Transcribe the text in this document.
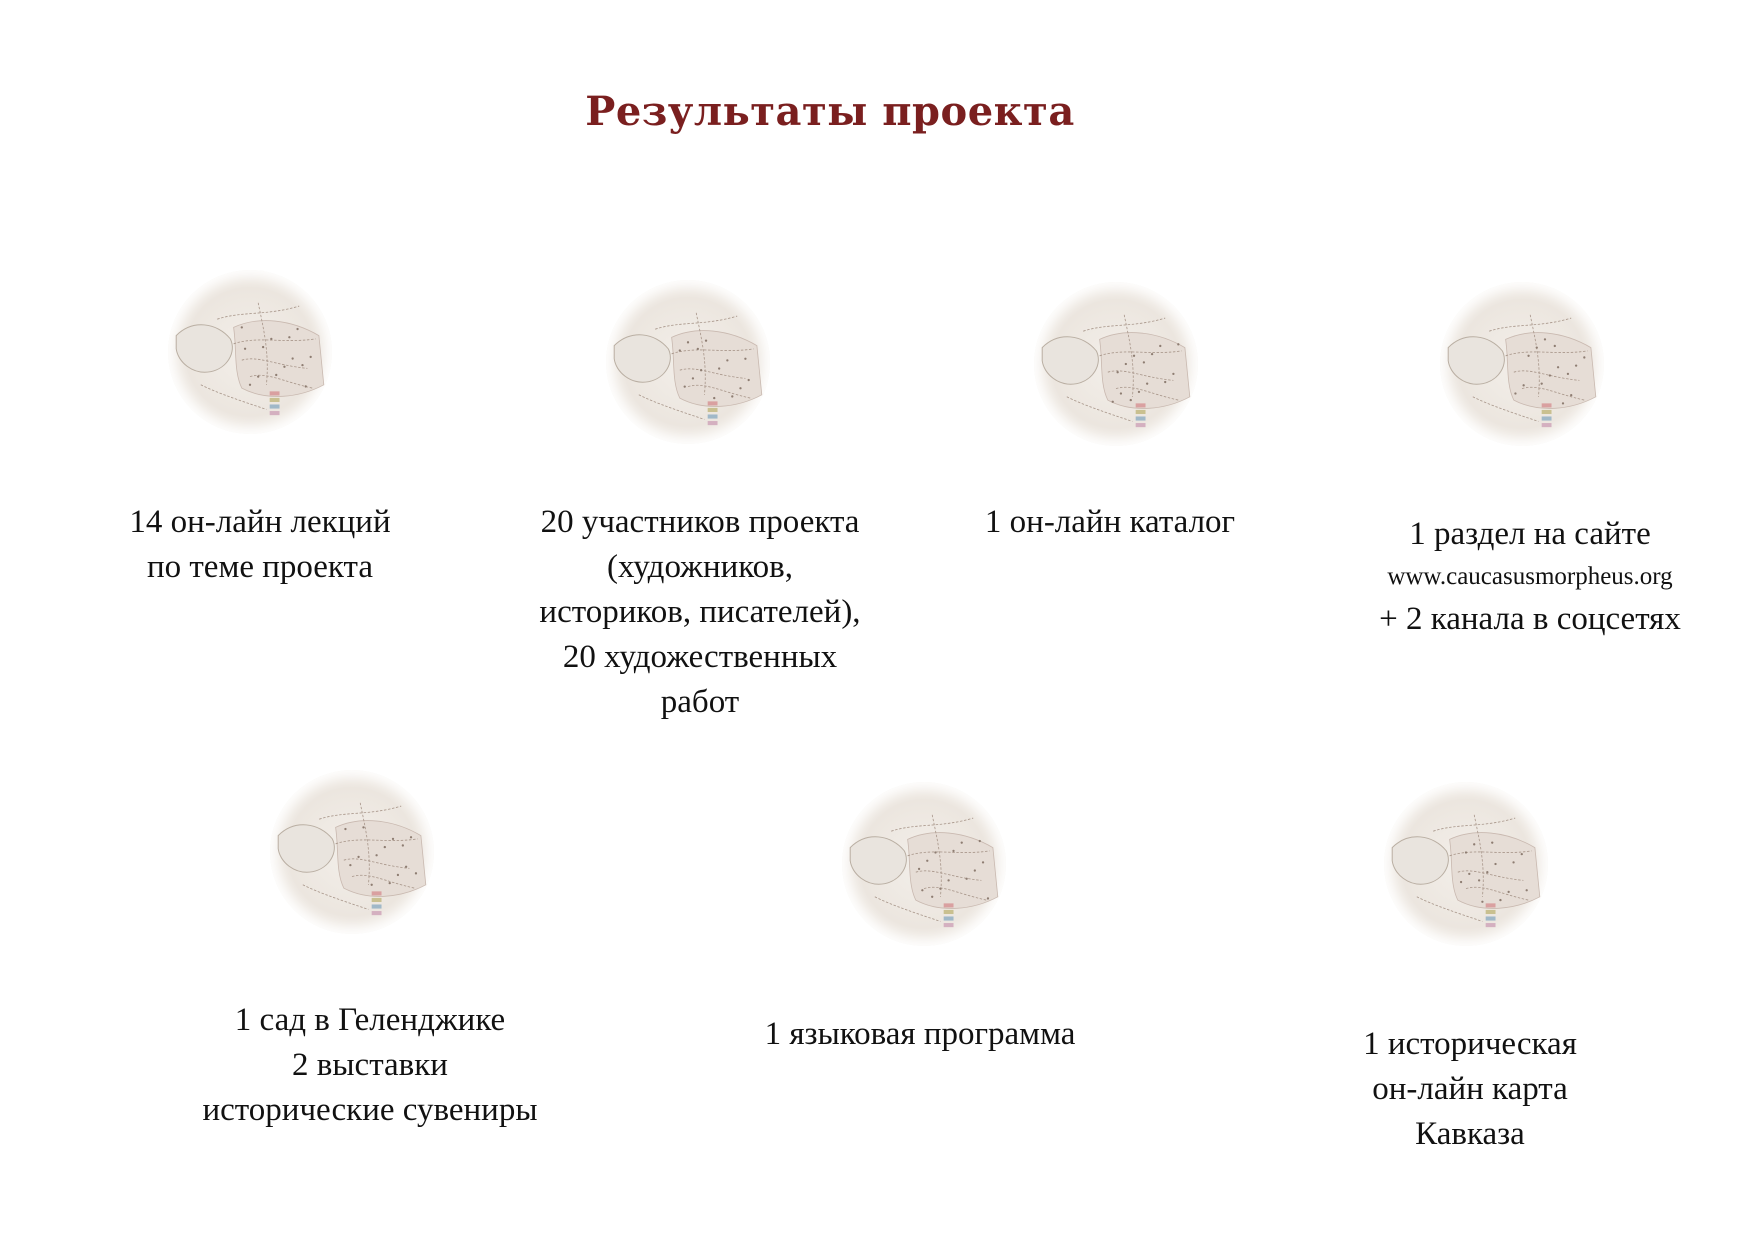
Результаты проекта
14 он-лайн лекций
по теме проекта
20 участников проекта
(художников,
историков, писателей),
20 художественных
работ
1 он-лайн каталог	1 раздел на сайте
www.caucasusmorpheus.org
+ 2 канала в соцсетях
1 сад в Геленджике
2 выставки
исторические сувениры
1 языковая программа	1 историческая
он-лайн карта
Кавказа
